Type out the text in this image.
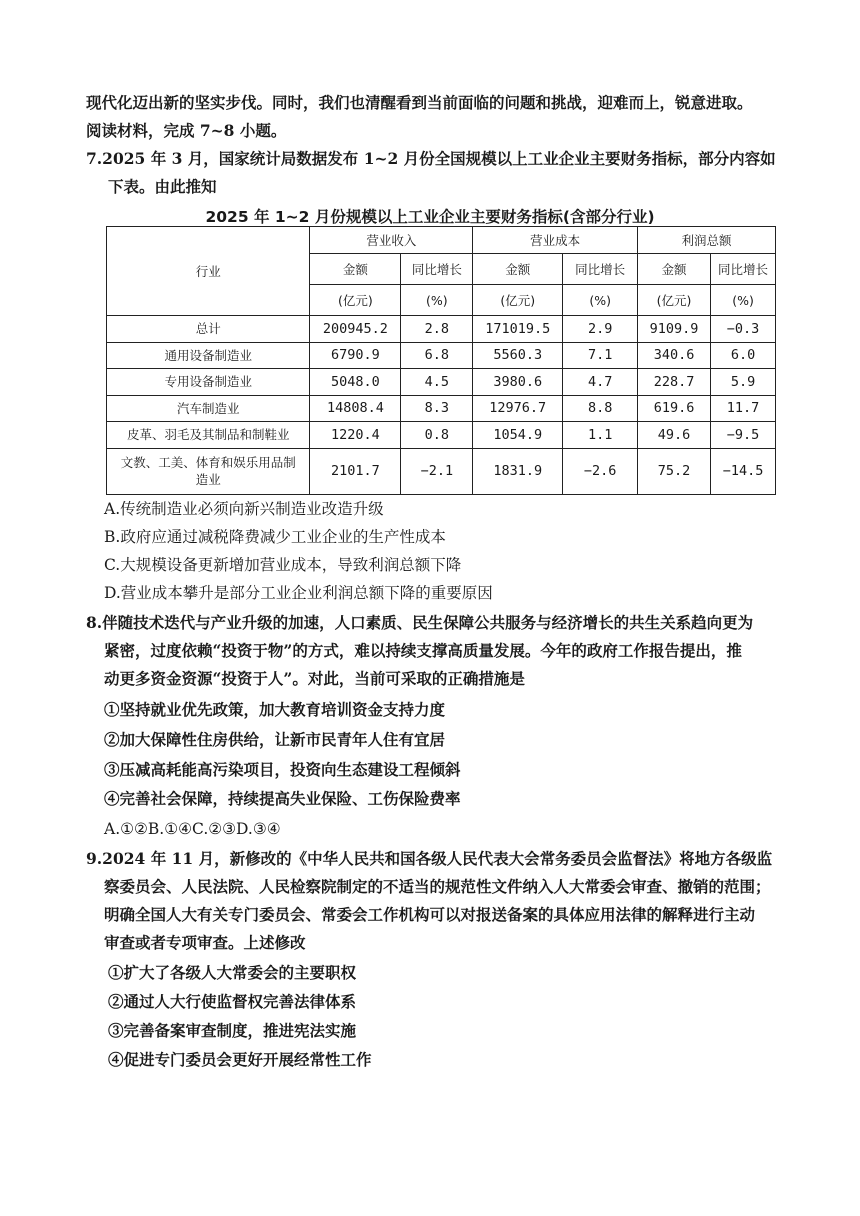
现代化迈出新的坚实步伐。同时，我们也清醒看到当前面临的问题和挑战，迎难而上，锐意进取。
阅读材料，完成 7~8 小题。
7.2025 年 3 月，国家统计局数据发布 1~2 月份全国规模以上工业企业主要财务指标，部分内容如
下表。由此推知
2025 年 1~2 月份规模以上工业企业主要财务指标(含部分行业)
行业	营业收入		营业成本		利润总额	
	金额	同比增长	金额	同比增长	金额	同比增长
	(亿元)	(%)	(亿元)	(%)	(亿元)	(%)
总计	200945.2	2.8	171019.5	2.9	9109.9	−0.3
通用设备制造业	6790.9	6.8	5560.3	7.1	340.6	6.0
专用设备制造业	5048.0	4.5	3980.6	4.7	228.7	5.9
汽车制造业	14808.4	8.3	12976.7	8.8	619.6	11.7
皮革、羽毛及其制品和制鞋业	1220.4	0.8	1054.9	1.1	49.6	−9.5
文教、工美、体育和娱乐用品制
造业	2101.7	−2.1	1831.9	−2.6	75.2	−14.5
A.传统制造业必须向新兴制造业改造升级
B.政府应通过减税降费减少工业企业的生产性成本
C.大规模设备更新增加营业成本，导致利润总额下降
D.营业成本攀升是部分工业企业利润总额下降的重要原因
8.伴随技术迭代与产业升级的加速，人口素质、民生保障公共服务与经济增长的共生关系趋向更为
紧密，过度依赖“投资于物”的方式，难以持续支撑高质量发展。今年的政府工作报告提出，推
动更多资金资源“投资于人”。对此，当前可采取的正确措施是
①坚持就业优先政策，加大教育培训资金支持力度
②加大保障性住房供给，让新市民青年人住有宜居
③压减高耗能高污染项目，投资向生态建设工程倾斜
④完善社会保障，持续提高失业保险、工伤保险费率
A.①②B.①④C.②③D.③④
9.2024 年 11 月，新修改的《中华人民共和国各级人民代表大会常务委员会监督法》将地方各级监
察委员会、人民法院、人民检察院制定的不适当的规范性文件纳入人大常委会审查、撤销的范围；
明确全国人大有关专门委员会、常委会工作机构可以对报送备案的具体应用法律的解释进行主动
审查或者专项审查。上述修改
①扩大了各级人大常委会的主要职权
②通过人大行使监督权完善法律体系
③完善备案审查制度，推进宪法实施
④促进专门委员会更好开展经常性工作
